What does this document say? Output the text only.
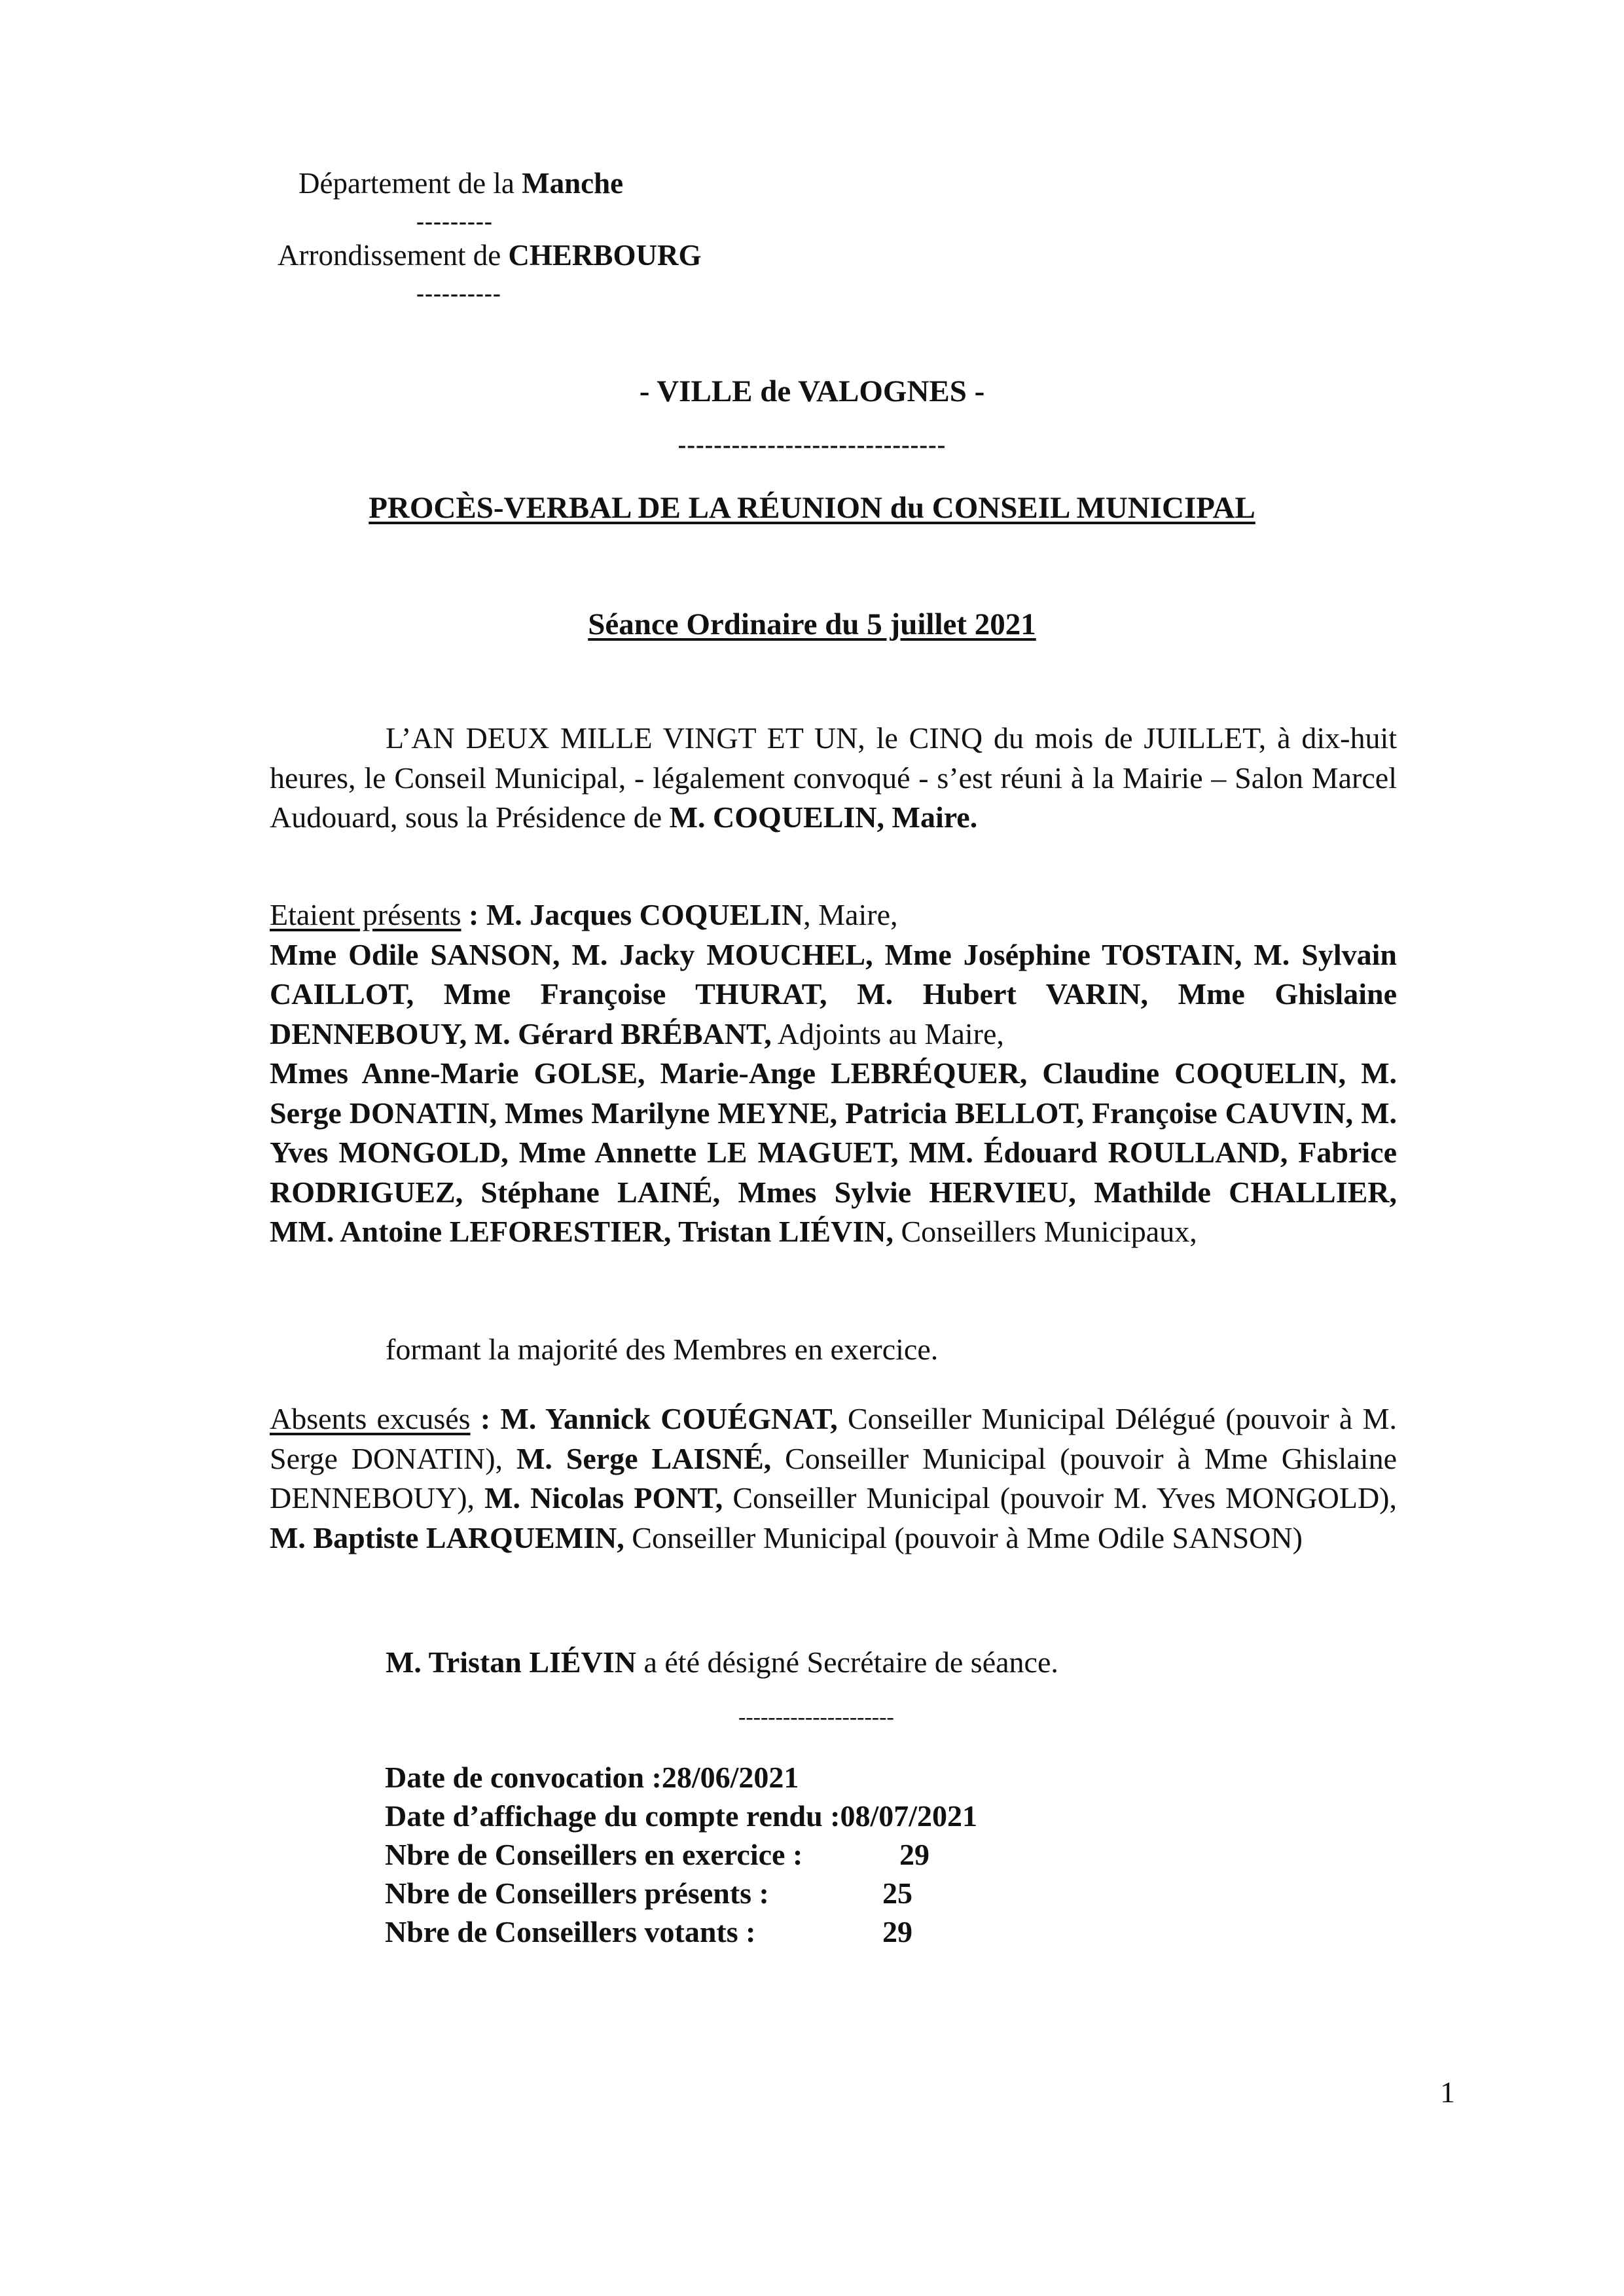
Département de la Manche
---------
Arrondissement de CHERBOURG
----------
- VILLE de VALOGNES -
------------------------------
PROCÈS-VERBAL DE LA RÉUNION du CONSEIL MUNICIPAL
Séance Ordinaire du 5 juillet 2021
L’AN DEUX MILLE VINGT ET UN, le CINQ du mois de JUILLET, à dix-huit heures, le Conseil Municipal, - légalement convoqué - s’est réuni à la Mairie – Salon Marcel Audouard, sous la Présidence de M. COQUELIN, Maire.
Etaient présents : M. Jacques COQUELIN, Maire,
Mme Odile SANSON, M. Jacky MOUCHEL, Mme Joséphine TOSTAIN, M. Sylvain CAILLOT, Mme Françoise THURAT, M. Hubert VARIN, Mme Ghislaine DENNEBOUY, M. Gérard BRÉBANT, Adjoints au Maire,
Mmes Anne-Marie GOLSE, Marie-Ange LEBRÉQUER, Claudine COQUELIN, M. Serge DONATIN, Mmes Marilyne MEYNE, Patricia BELLOT, Françoise CAUVIN, M. Yves MONGOLD, Mme Annette LE MAGUET, MM. Édouard ROULLAND, Fabrice RODRIGUEZ, Stéphane LAINÉ, Mmes Sylvie HERVIEU, Mathilde CHALLIER, MM. Antoine LEFORESTIER, Tristan LIÉVIN, Conseillers Municipaux,
formant la majorité des Membres en exercice.
Absents excusés : M. Yannick COUÉGNAT, Conseiller Municipal Délégué (pouvoir à M. Serge DONATIN), M. Serge LAISNÉ, Conseiller Municipal (pouvoir à Mme Ghislaine DENNEBOUY), M. Nicolas PONT, Conseiller Municipal (pouvoir M. Yves MONGOLD), M. Baptiste LARQUEMIN, Conseiller Municipal (pouvoir à Mme Odile SANSON)
M. Tristan LIÉVIN a été désigné Secrétaire de séance.
---------------------
Date de convocation : 28/06/2021
Date d’affichage du compte rendu : 08/07/2021
Nbre de Conseillers en exercice :	29
Nbre de Conseillers présents :	25
Nbre de Conseillers votants :	29
1
